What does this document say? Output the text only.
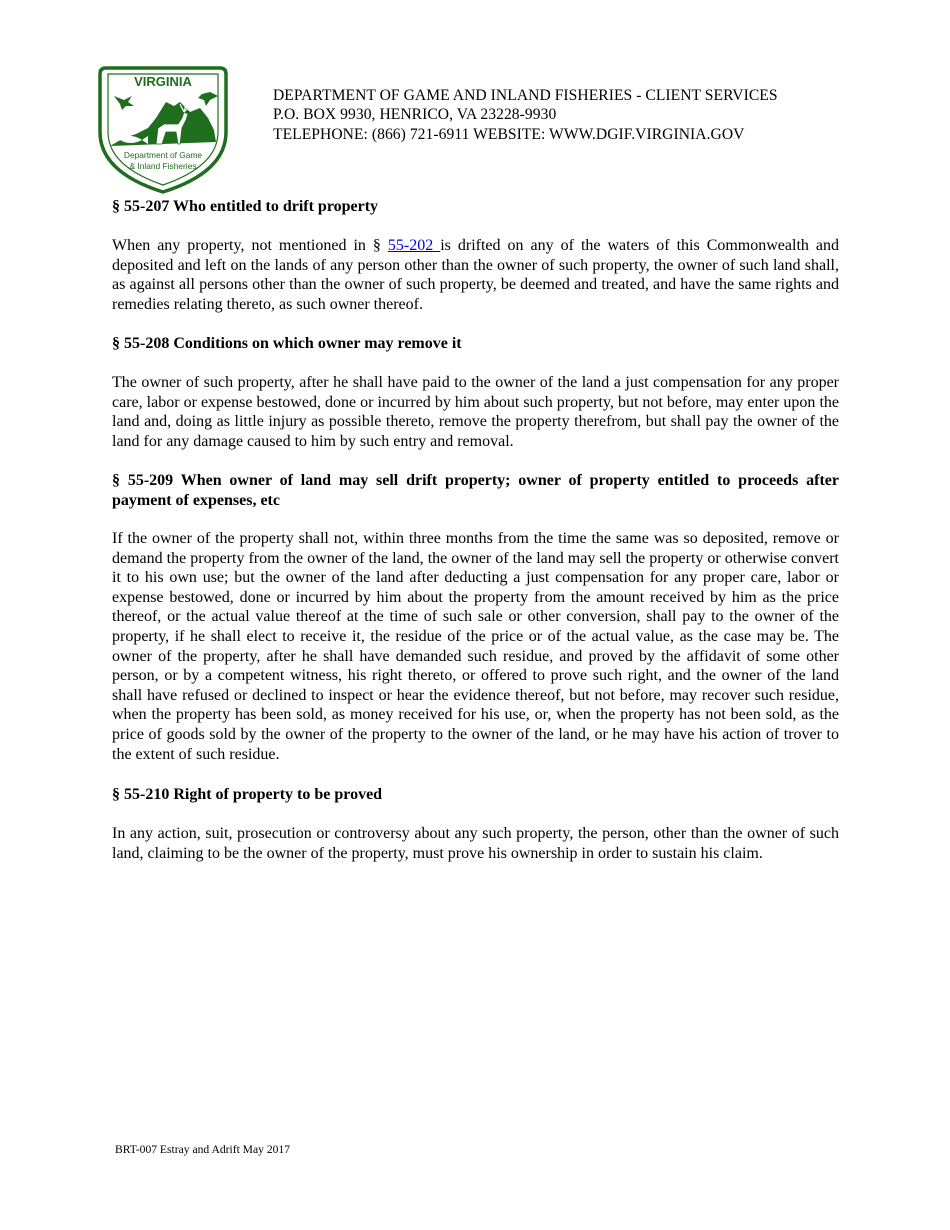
VIRGINIA
Department of Game
& Inland Fisheries
DEPARTMENT OF GAME AND INLAND FISHERIES - CLIENT SERVICES
P.O. BOX 9930, HENRICO, VA 23228-9930
TELEPHONE: (866) 721-6911 WEBSITE: WWW.DGIF.VIRGINIA.GOV
§ 55-207 Who entitled to drift property
When any property, not mentioned in § 55-202 is drifted on any of the waters of this Commonwealth and deposited and left on the lands of any person other than the owner of such property, the owner of such land shall, as against all persons other than the owner of such property, be deemed and treated, and have the same rights and remedies relating thereto, as such owner thereof.
§ 55-208 Conditions on which owner may remove it
The owner of such property, after he shall have paid to the owner of the land a just compensation for any proper care, labor or expense bestowed, done or incurred by him about such property, but not before, may enter upon the land and, doing as little injury as possible thereto, remove the property therefrom, but shall pay the owner of the land for any damage caused to him by such entry and removal.
§ 55-209 When owner of land may sell drift property; owner of property entitled to proceeds after payment of expenses, etc
If the owner of the property shall not, within three months from the time the same was so deposited, remove or demand the property from the owner of the land, the owner of the land may sell the property or otherwise convert it to his own use; but the owner of the land after deducting a just compensation for any proper care, labor or expense bestowed, done or incurred by him about the property from the amount received by him as the price thereof, or the actual value thereof at the time of such sale or other conversion, shall pay to the owner of the property, if he shall elect to receive it, the residue of the price or of the actual value, as the case may be. The owner of the property, after he shall have demanded such residue, and proved by the affidavit of some other person, or by a competent witness, his right thereto, or offered to prove such right, and the owner of the land shall have refused or declined to inspect or hear the evidence thereof, but not before, may recover such residue, when the property has been sold, as money received for his use, or, when the property has not been sold, as the price of goods sold by the owner of the property to the owner of the land, or he may have his action of trover to the extent of such residue.
§ 55-210 Right of property to be proved
In any action, suit, prosecution or controversy about any such property, the person, other than the owner of such land, claiming to be the owner of the property, must prove his ownership in order to sustain his claim.
BRT-007 Estray and Adrift May 2017
